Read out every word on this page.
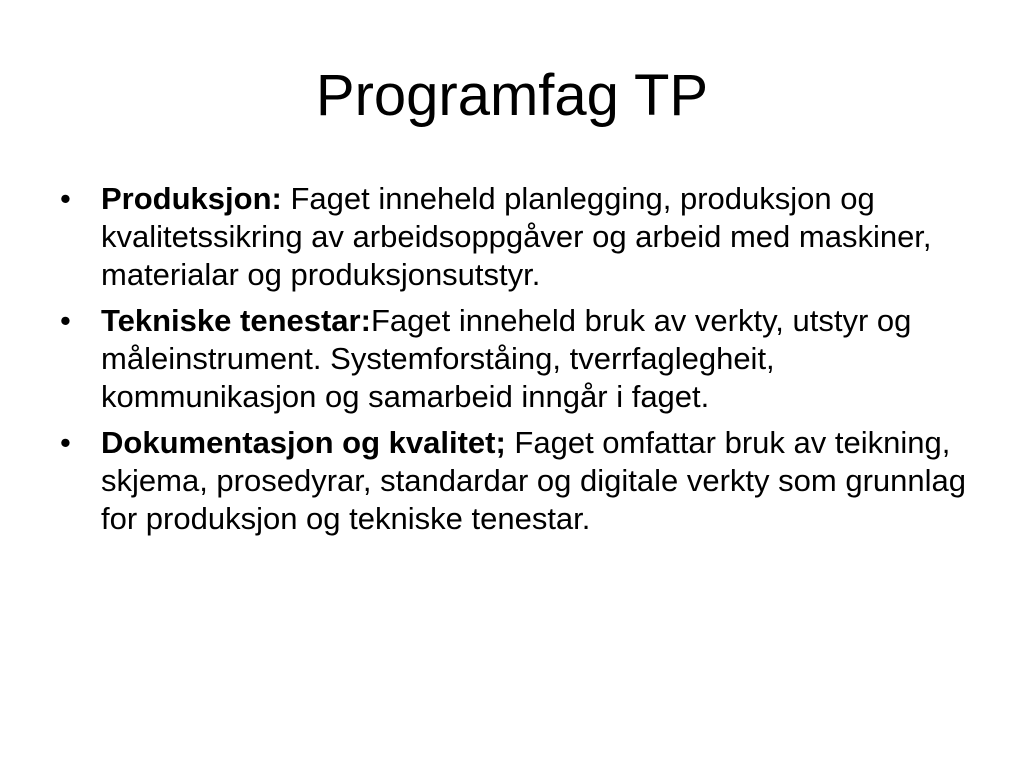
Programfag TP
• Produksjon: Faget inneheld planlegging, produksjon og kvalitetssikring av arbeidsoppgåver og arbeid med maskiner, materialar og produksjonsutstyr.
• Tekniske tenestar:Faget inneheld bruk av verkty, utstyr og måleinstrument. Systemforståing, tverrfaglegheit, kommunikasjon og samarbeid inngår i faget.
• Dokumentasjon og kvalitet; Faget omfattar bruk av teikning, skjema, prosedyrar, standardar og digitale verkty som grunnlag for produksjon og tekniske tenestar.
